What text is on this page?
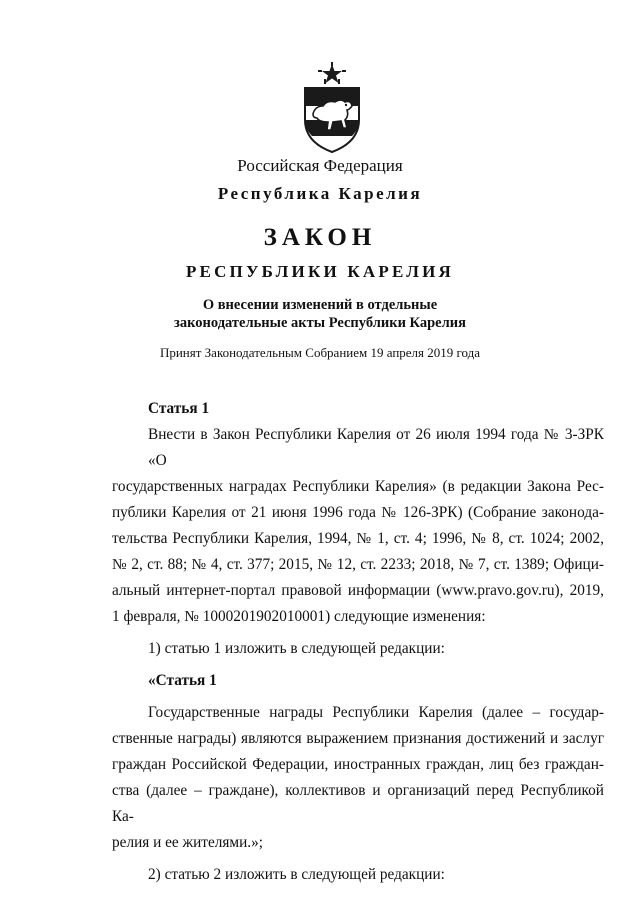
Российская Федерация
Республика Карелия
ЗАКОН
РЕСПУБЛИКИ КАРЕЛИЯ
О внесении изменений в отдельные
законодательные акты Республики Карелия
Принят Законодательным Собранием 19 апреля 2019 года

Статья 1

Внести в Закон Республики Карелия от 26 июля 1994 года № 3-ЗРК «О
государственных наградах Республики Карелия» (в редакции Закона Рес-
публики Карелия от 21 июня 1996 года № 126-ЗРК) (Собрание законода-
тельства Республики Карелия, 1994, № 1, ст. 4; 1996, № 8, ст. 1024; 2002,
№ 2, ст. 88; № 4, ст. 377; 2015, № 12, ст. 2233; 2018, № 7, ст. 1389; Офици-
альный интернет-портал правовой информации (www.pravo.gov.ru), 2019,
1 февраля, № 1000201902010001) следующие изменения:

1) статью 1 изложить в следующей редакции:

«Статья 1

Государственные награды Республики Карелия (далее – государ-
ственные награды) являются выражением признания достижений и заслуг
граждан Российской Федерации, иностранных граждан, лиц без граждан-
ства (далее – граждане), коллективов и организаций перед Республикой Ка-
релия и ее жителями.»;

2) статью 2 изложить в следующей редакции:
